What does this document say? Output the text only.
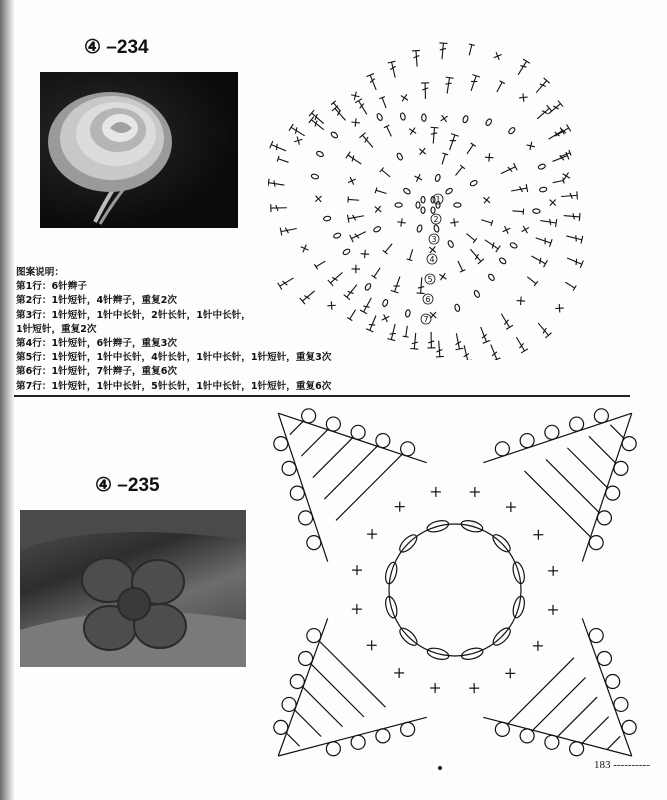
④ –234
图案说明：
第1行：6针辫子
第2行：1针短针，4针辫子，重复2次
第3行：1针短针，1针中长针，2针长针，1针中长针，
1针短针，重复2次
第4行：1针短针，6针辫子，重复3次
第5行：1针短针，1针中长针，4针长针，1针中长针，1针短针，重复3次
第6行：1针短针，7针辫子，重复6次
第7行：1针短针，1针中长针，5针长针，1针中长针，1针短针，重复6次
1
2
3
4
5
6
7
④ –235
183 ----------
